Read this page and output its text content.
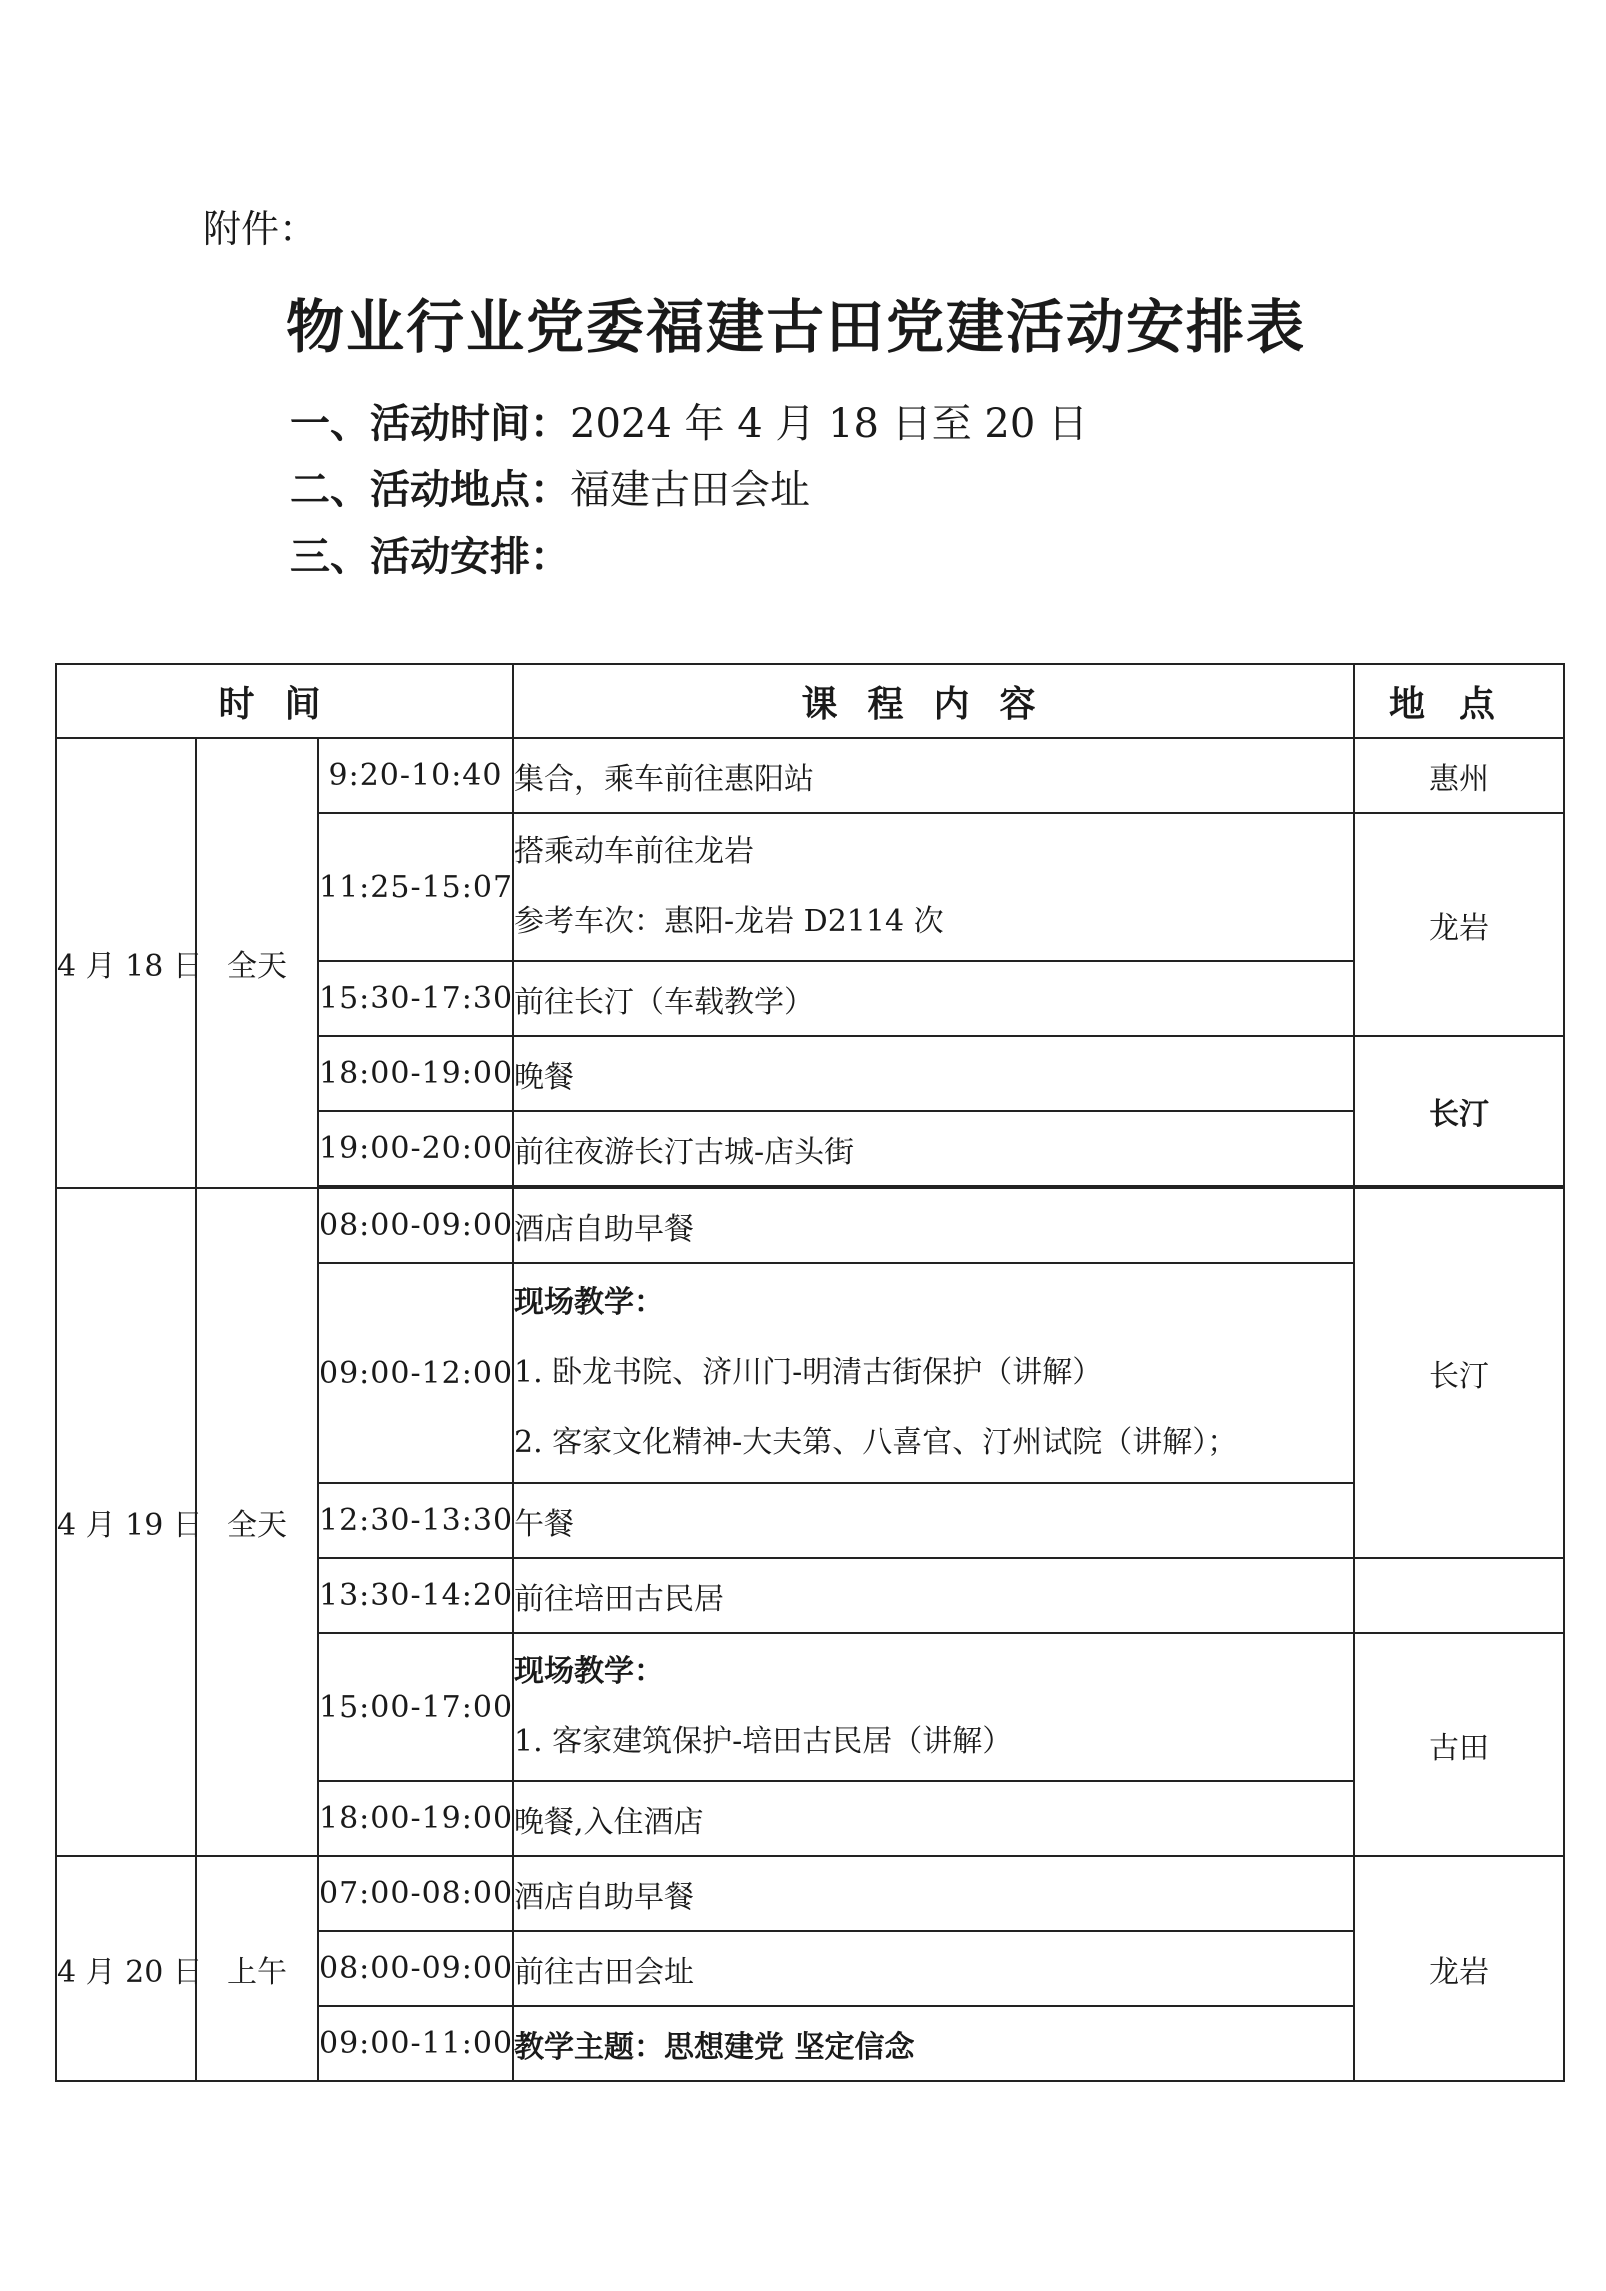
附件：
物业行业党委福建古田党建活动安排表
一、活动时间：2024 年 4 月 18 日至 20 日
二、活动地点：福建古田会址
三、活动安排：
时间			课程内容	地点
4 月 18 日	全天	9:20-10:40	集合，乘车前往惠阳站	惠州
		11:25-15:07	搭乘动车前往龙岩
参考车次：惠阳-龙岩 D2114 次	龙岩
		15:30-17:30	前往长汀（车载教学）	
		18:00-19:00	晚餐	长汀
		19:00-20:00	前往夜游长汀古城-店头街	

4 月 19 日	全天	08:00-09:00	酒店自助早餐	长汀
		09:00-12:00	现场教学：
1. 卧龙书院、济川门-明清古街保护（讲解）
2. 客家文化精神-大夫第、八喜官、汀州试院（讲解）；	

		12:30-13:30	午餐	
		13:30-14:20	前往培田古民居	
		15:00-17:00	现场教学：
1. 客家建筑保护-培田古民居（讲解）	古田
		18:00-19:00	晚餐,入住酒店	
4 月 20 日	上午	07:00-08:00	酒店自助早餐	龙岩
		08:00-09:00	前往古田会址	
		09:00-11:00	教学主题：思想建党 坚定信念	
